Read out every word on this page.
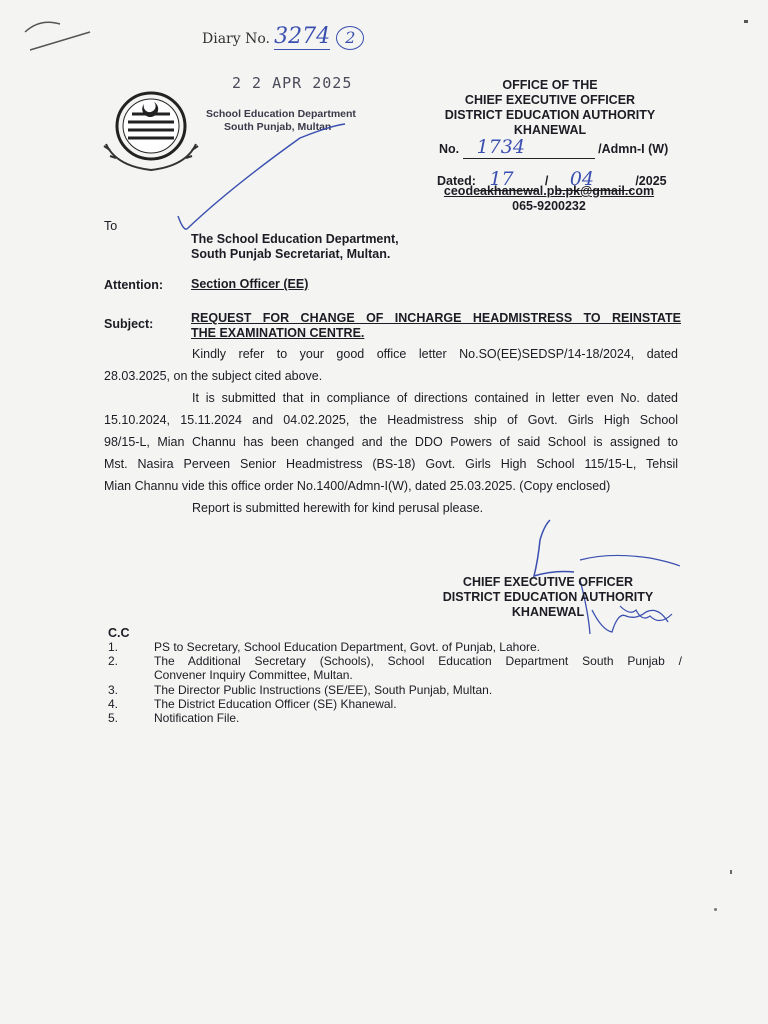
Diary No. 3274 2
2 2 APR 2025
School Education Department
South Punjab, Multan
OFFICE OF THE
CHIEF EXECUTIVE OFFICER
DISTRICT EDUCATION AUTHORITY
KHANEWAL
No. 1734	/Admn-I (W)
Dated: 17	/ 04	/2025
ceodeakhanewal.pb.pk@gmail.com
065-9200232
To
The School Education Department,
South Punjab Secretariat, Multan.
Attention: Section Officer (EE)
Subject:	REQUEST FOR CHANGE OF INCHARGE HEADMISTRESS TO REINSTATE
THE EXAMINATION CENTRE.
Kindly refer to your good office letter No.SO(EE)SEDSP/14-18/2024, dated
28.03.2025, on the subject cited above.
It is submitted that in compliance of directions contained in letter even No. dated
15.10.2024, 15.11.2024 and 04.02.2025, the Headmistress ship of Govt. Girls High School
98/15-L, Mian Channu has been changed and the DDO Powers of said School is assigned to
Mst. Nasira Perveen Senior Headmistress (BS-18) Govt. Girls High School 115/15-L, Tehsil
Mian Channu vide this office order No.1400/Admn-I(W), dated 25.03.2025. (Copy enclosed)
Report is submitted herewith for kind perusal please.
CHIEF EXECUTIVE OFFICER
DISTRICT EDUCATION AUTHORITY
KHANEWAL
C.C
1.	PS to Secretary, School Education Department, Govt. of Punjab, Lahore.
2.	The Additional Secretary (Schools), School Education Department South Punjab /
Convener Inquiry Committee, Multan.
3.	The Director Public Instructions (SE/EE), South Punjab, Multan.
4.	The District Education Officer (SE) Khanewal.
5.	Notification File.
